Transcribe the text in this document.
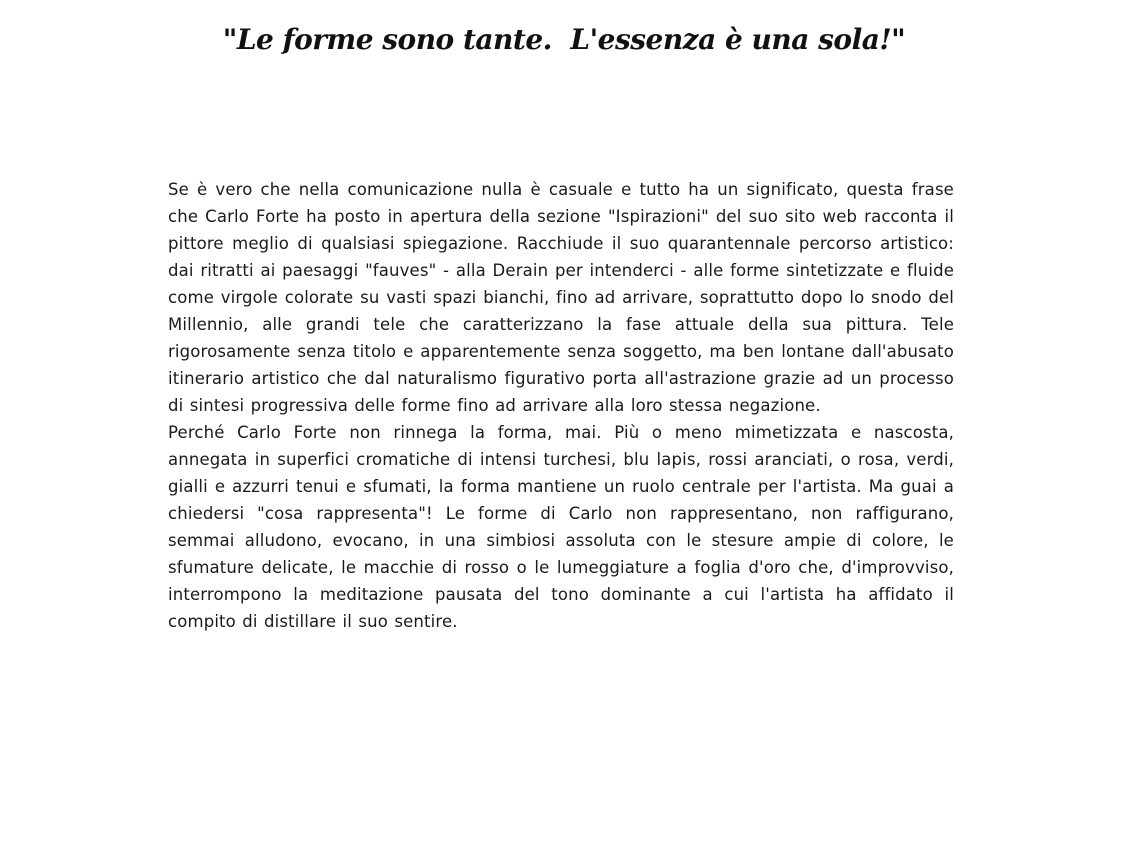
"Le forme sono tante.  L'essenza è una sola!"

Se è vero che nella comunicazione nulla è casuale e tutto ha un significato, questa frase che Carlo Forte ha posto in apertura della sezione "Ispirazioni" del suo sito web racconta il pittore meglio di qualsiasi spiegazione. Racchiude il suo quarantennale percorso artistico: dai ritratti ai paesaggi "fauves" - alla Derain per intenderci - alle forme sintetizzate e fluide come virgole colorate su vasti spazi bianchi, fino ad arrivare, soprattutto dopo lo snodo del Millennio, alle grandi tele che caratterizzano la fase attuale della sua pittura. Tele rigorosamente senza titolo e apparentemente senza soggetto, ma ben lontane dall'abusato itinerario artistico che dal naturalismo figurativo porta all'astrazione grazie ad un processo di sintesi progressiva delle forme fino ad arrivare alla loro stessa negazione.

Perché Carlo Forte non rinnega la forma, mai. Più o meno mimetizzata e nascosta, annegata in superfici cromatiche di intensi turchesi, blu lapis, rossi aranciati, o rosa, verdi, gialli e azzurri tenui e sfumati, la forma mantiene un ruolo centrale per l'artista. Ma guai a chiedersi "cosa rappresenta"! Le forme di Carlo non rappresentano, non raffigurano, semmai alludono, evocano, in una simbiosi assoluta con le stesure ampie di colore, le sfumature delicate, le macchie di rosso o le lumeggiature a foglia d'oro che, d'improvviso, interrompono la meditazione pausata del tono dominante a cui l'artista ha affidato il compito di distillare il suo sentire.
